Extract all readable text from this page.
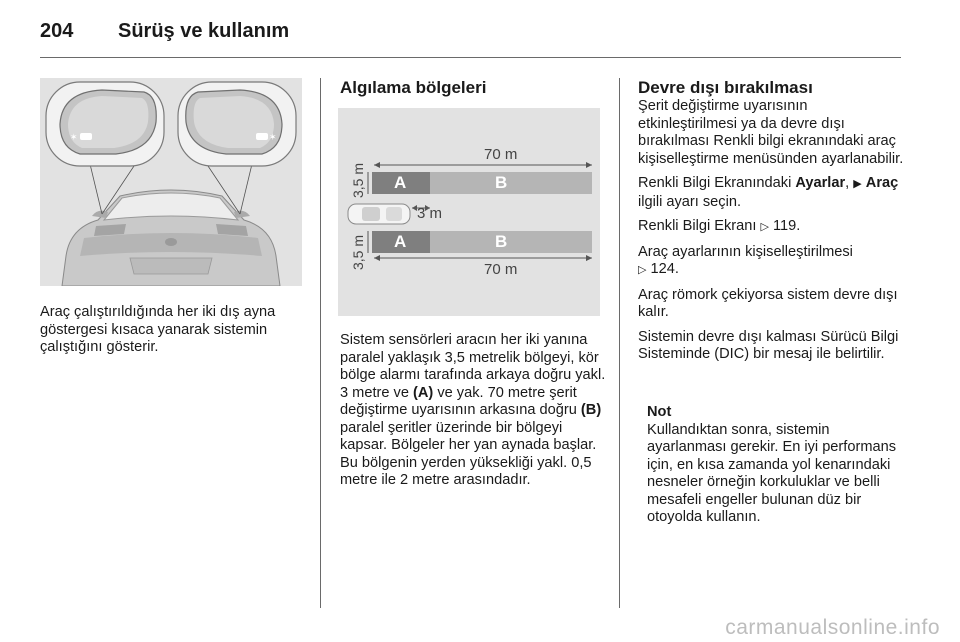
204	Sürüş ve kullanım
✶	✶
Araç çalıştırıldığında her iki dış ayna göstergesi kısaca yanarak sistemin çalıştığını gösterir.
Algılama bölgeleri
70 m
70 m
3,5 m
3,5 m
3 m
A	B
A	B
Sistem sensörleri aracın her iki yanına paralel yaklaşık 3,5 metrelik bölgeyi, kör bölge alarmı tarafında arkaya doğru yakl. 3 metre ve (A) ve yak. 70 metre şerit değiştirme uyarısının arkasına doğru (B) paralel şeritler üzerinde bir bölgeyi kapsar. Bölgeler her yan aynada başlar. Bu bölgenin yerden yüksekliği yakl. 0,5 metre ile 2 metre arasındadır.
Devre dışı bırakılması

Şerit değiştirme uyarısının etkinleştirilmesi ya da devre dışı bırakılması Renkli bilgi ekranındaki araç kişiselleştirme menüsünden ayarlanabilir.

Renkli Bilgi Ekranındaki Ayarlar, ▶ Araç ilgili ayarı seçin.

Renkli Bilgi Ekranı ▷ 119.

Araç ayarlarının kişiselleştirilmesi
▷ 124.

Araç römork çekiyorsa sistem devre dışı kalır.

Sistemin devre dışı kalması Sürücü Bilgi Sisteminde (DIC) bir mesaj ile belirtilir.

Not
Kullandıktan sonra, sistemin ayarlanması gerekir. En iyi performans için, en kısa zamanda yol kenarındaki nesneler örneğin korkuluklar ve belli mesafeli engeller bulunan düz bir otoyolda kullanın.
carmanualsonline.info
